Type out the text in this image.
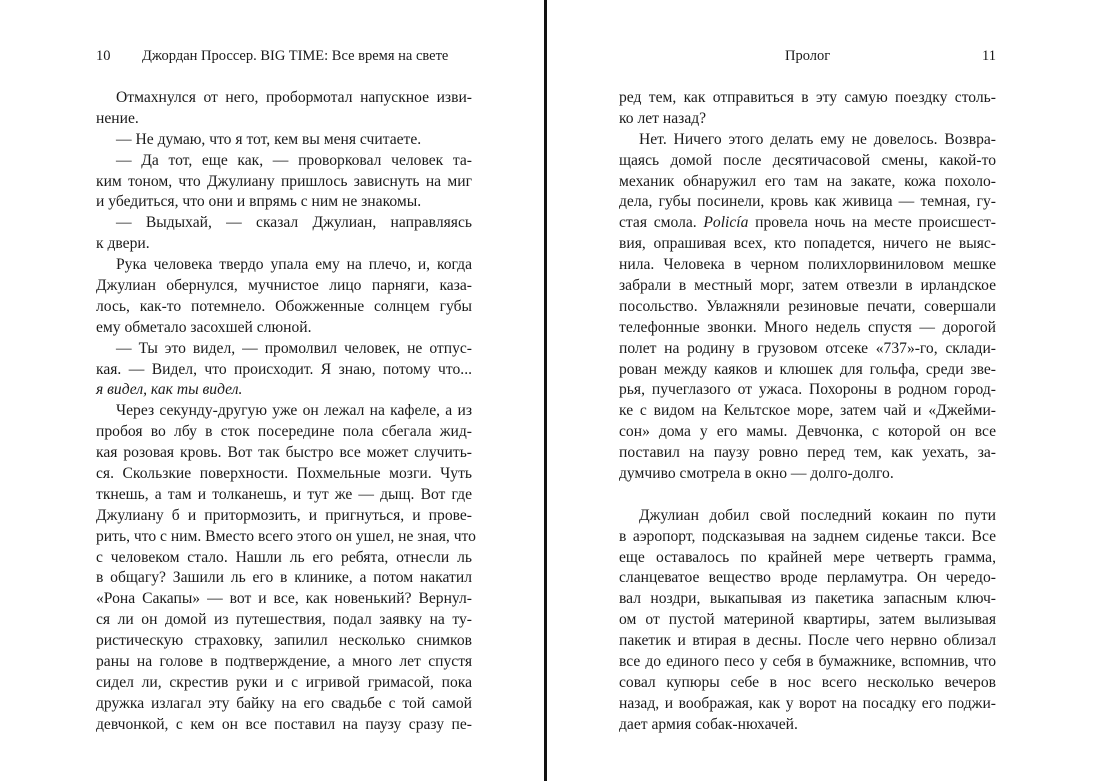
10 Джордан Проссер. BIG TIME: Все время на свете
Отмахнулся от него, пробормотал напускное изви-
нение.
— Не думаю, что я тот, кем вы меня считаете.
— Да тот, еще как, — проворковал человек та-
ким тоном, что Джулиану пришлось зависнуть на миг
и убедиться, что они и впрямь с ним не знакомы.
— Выдыхай, — сказал Джулиан, направляясь
к двери.
Рука человека твердо упала ему на плечо, и, когда
Джулиан обернулся, мучнистое лицо парняги, каза-
лось, как-то потемнело. Обожженные солнцем губы
ему обметало засохшей слюной.
— Ты это видел, — промолвил человек, не отпус-
кая. — Видел, что происходит. Я знаю, потому что...
я видел, как ты видел.
Через секунду-другую уже он лежал на кафеле, а из
пробоя во лбу в сток посередине пола сбегала жид-
кая розовая кровь. Вот так быстро все может случить-
ся. Скользкие поверхности. Похмельные мозги. Чуть
ткнешь, а там и толканешь, и тут же — дыщ. Вот где
Джулиану б и притормозить, и пригнуться, и прове-
рить, что с ним. Вместо всего этого он ушел, не зная, что
с человеком стало. Нашли ль его ребята, отнесли ль
в общагу? Зашили ль его в клинике, а потом накатил
«Рона Сакапы» — вот и все, как новенький? Вернул-
ся ли он домой из путешествия, подал заявку на ту-
ристическую страховку, запилил несколько снимков
раны на голове в подтверждение, а много лет спустя
сидел ли, скрестив руки и с игривой гримасой, пока
дружка излагал эту байку на его свадьбе с той самой
девчонкой, с кем он все поставил на паузу сразу пе-
Пролог	11
ред тем, как отправиться в эту самую поездку столь-
ко лет назад?
Нет. Ничего этого делать ему не довелось. Возвра-
щаясь домой после десятичасовой смены, какой-то
механик обнаружил его там на закате, кожа похоло-
дела, губы посинели, кровь как живица — темная, гу-
стая смола. Policía провела ночь на месте происшест-
вия, опрашивая всех, кто попадется, ничего не выяс-
нила. Человека в черном полихлорвиниловом мешке
забрали в местный морг, затем отвезли в ирландское
посольство. Увлажняли резиновые печати, совершали
телефонные звонки. Много недель спустя — дорогой
полет на родину в грузовом отсеке «737»-го, склади-
рован между каяков и клюшек для гольфа, среди зве-
рья, пучеглазого от ужаса. Похороны в родном город-
ке с видом на Кельтское море, затем чай и «Джейми-
сон» дома у его мамы. Девчонка, с которой он все
поставил на паузу ровно перед тем, как уехать, за-
думчиво смотрела в окно — долго-долго.
Джулиан добил свой последний кокаин по пути
в аэропорт, подсказывая на заднем сиденье такси. Все
еще оставалось по крайней мере четверть грамма,
сланцеватое вещество вроде перламутра. Он чередо-
вал ноздри, выкапывая из пакетика запасным ключ-
ом от пустой материной квартиры, затем вылизывая
пакетик и втирая в десны. После чего нервно облизал
все до единого песо у себя в бумажнике, вспомнив, что
совал купюры себе в нос всего несколько вечеров
назад, и воображая, как у ворот на посадку его поджи-
дает армия собак-нюхачей.
